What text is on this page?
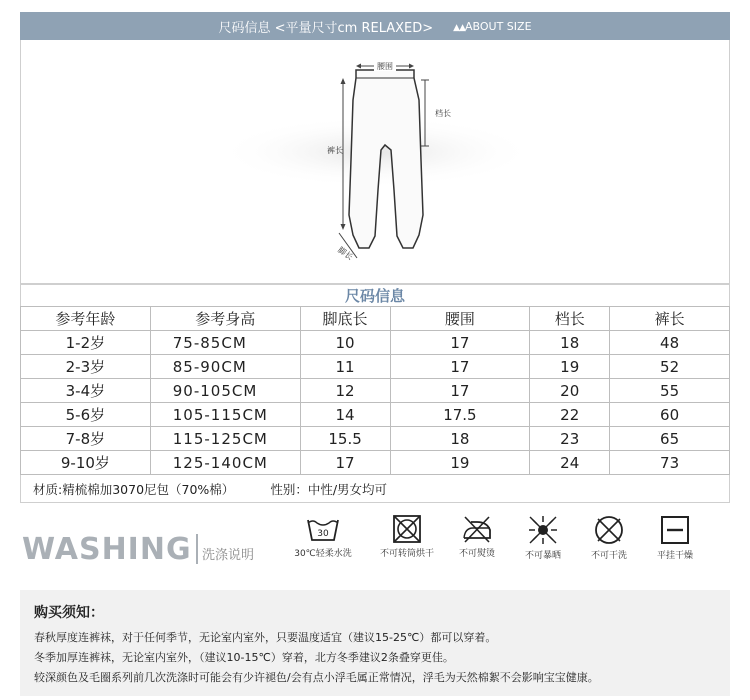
尺码信息 <平量尺寸cm RELAXED> ▲▲ABOUT SIZE
腰围
档长
裤长
脚长
尺码信息
参考年龄	参考身高	脚底长	腰围	档长	裤长
1-2岁	75-85CM	10	17	18	48
2-3岁	85-90CM	11	17	19	52
3-4岁	90-105CM	12	17	20	55
5-6岁	105-115CM	14	17.5	22	60
7-8岁	115-125CM	15.5	18	23	65
9-10岁	125-140CM	17	19	24	73
材质:精梳棉加3070尼包（70%棉）	性别：中性/男女均可
WASHING 洗涤说明
30
30℃轻柔水洗	不可转筒烘干	不可熨烫	不可暴晒	不可干洗	平挂干燥
购买须知：

春秋厚度连裤袜，对于任何季节，无论室内室外，只要温度适宜（建议15-25℃）都可以穿着。

冬季加厚连裤袜，无论室内室外，（建议10-15℃）穿着，北方冬季建议2条叠穿更佳。

较深颜色及毛圈系列前几次洗涤时可能会有少许褪色/会有点小浮毛属正常情况，浮毛为天然棉絮不会影响宝宝健康。
